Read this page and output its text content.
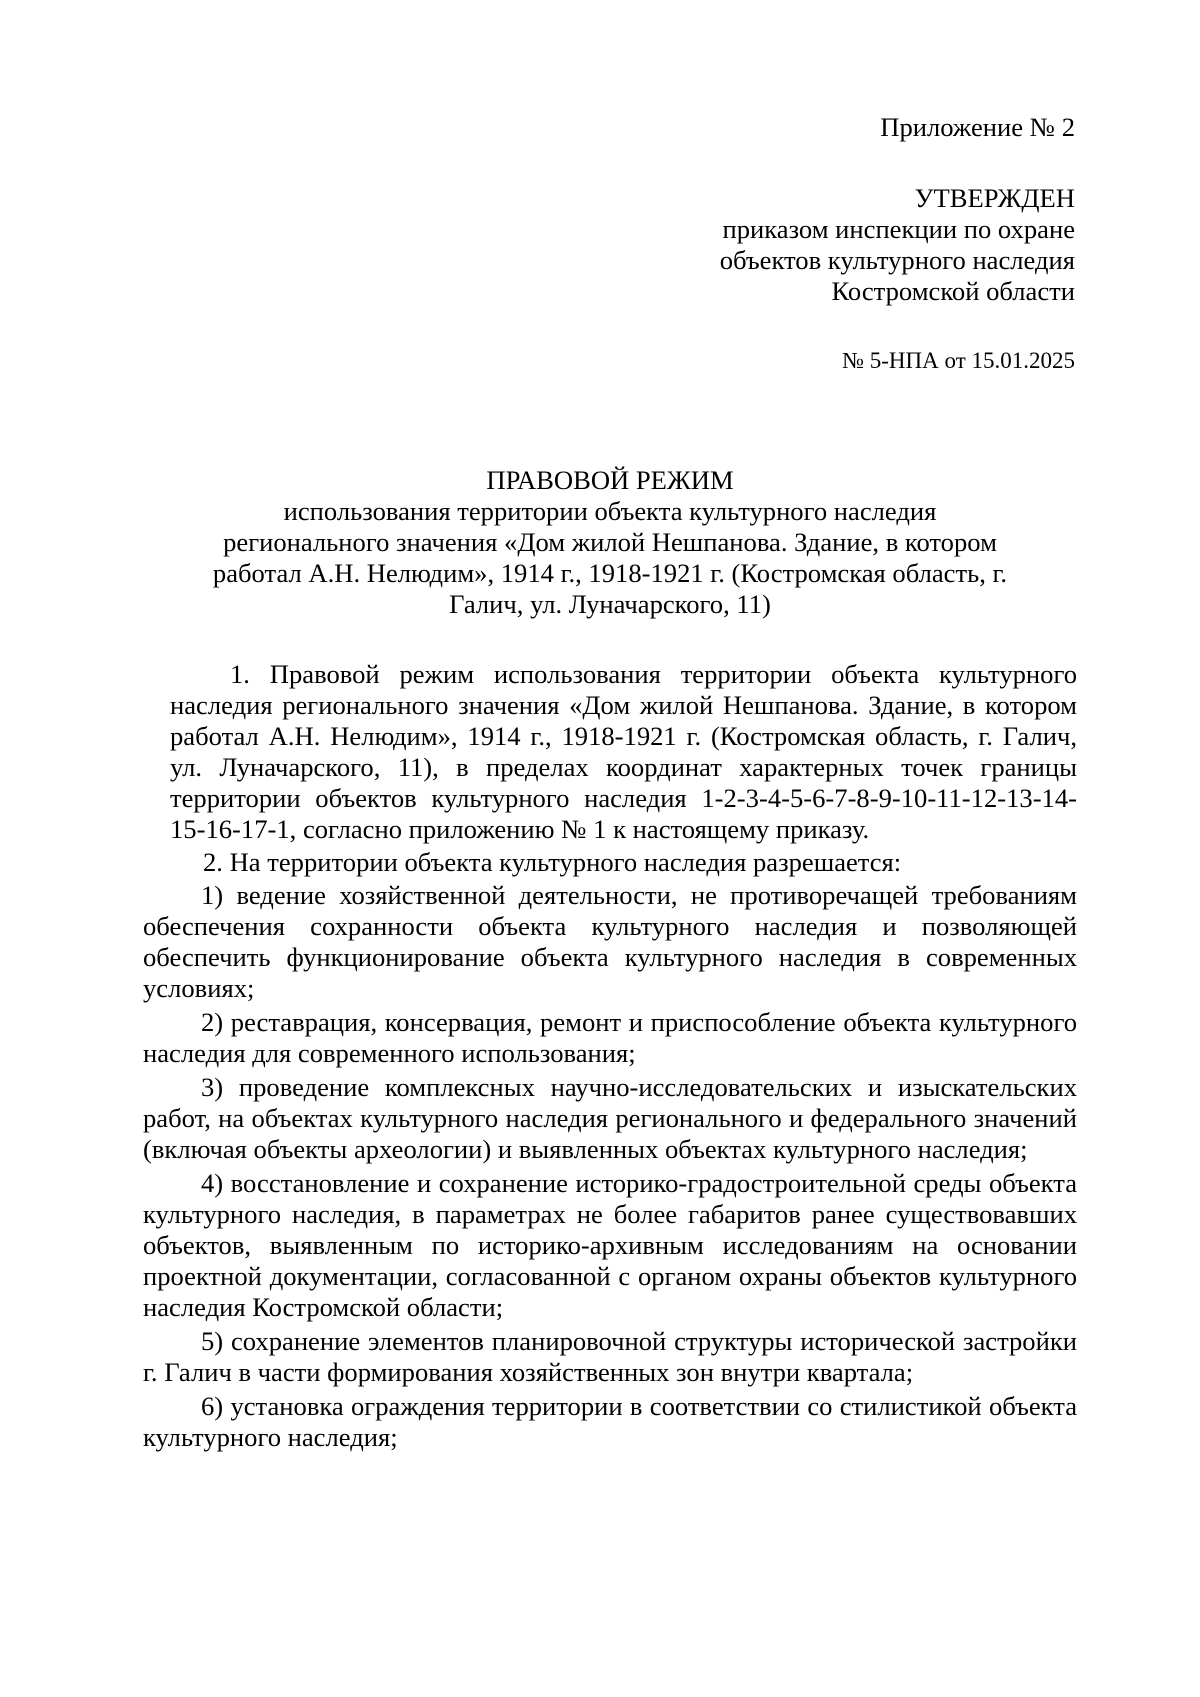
Приложение № 2
УТВЕРЖДЕН
приказом инспекции по охране
объектов культурного наследия
Костромской области
№ 5-НПА от 15.01.2025
ПРАВОВОЙ РЕЖИМ
использования территории объекта культурного наследия
регионального значения «Дом жилой Нешпанова. Здание, в котором
работал А.Н. Нелюдим», 1914 г., 1918-1921 г. (Костромская область, г.
Галич, ул. Луначарского, 11)

1. Правовой режим использования территории объекта культурного наследия регионального значения «Дом жилой Нешпанова. Здание, в котором работал А.Н. Нелюдим», 1914 г., 1918-1921 г. (Костромская область, г. Галич, ул. Луначарского, 11), в пределах координат характерных точек границы территории объектов культурного наследия 1-2-3-4-5-6-7-8-9-10-11-12-13-14-15-16-17-1, согласно приложению № 1 к настоящему приказу.

2. На территории объекта культурного наследия разрешается:

1) ведение хозяйственной деятельности, не противоречащей требованиям обеспечения сохранности объекта культурного наследия и позволяющей обеспечить функционирование объекта культурного наследия в современных условиях;

2) реставрация, консервация, ремонт и приспособление объекта культурного наследия для современного использования;

3) проведение комплексных научно-исследовательских и изыскательских работ, на объектах культурного наследия регионального и федерального значений (включая объекты археологии) и выявленных объектах культурного наследия;

4) восстановление и сохранение историко-градостроительной среды объекта культурного наследия, в параметрах не более габаритов ранее существовавших объектов, выявленным по историко-архивным исследованиям на основании проектной документации, согласованной с органом охраны объектов культурного наследия Костромской области;

5) сохранение элементов планировочной структуры исторической застройки г. Галич в части формирования хозяйственных зон внутри квартала;

6) установка ограждения территории в соответствии со стилистикой объекта культурного наследия;
